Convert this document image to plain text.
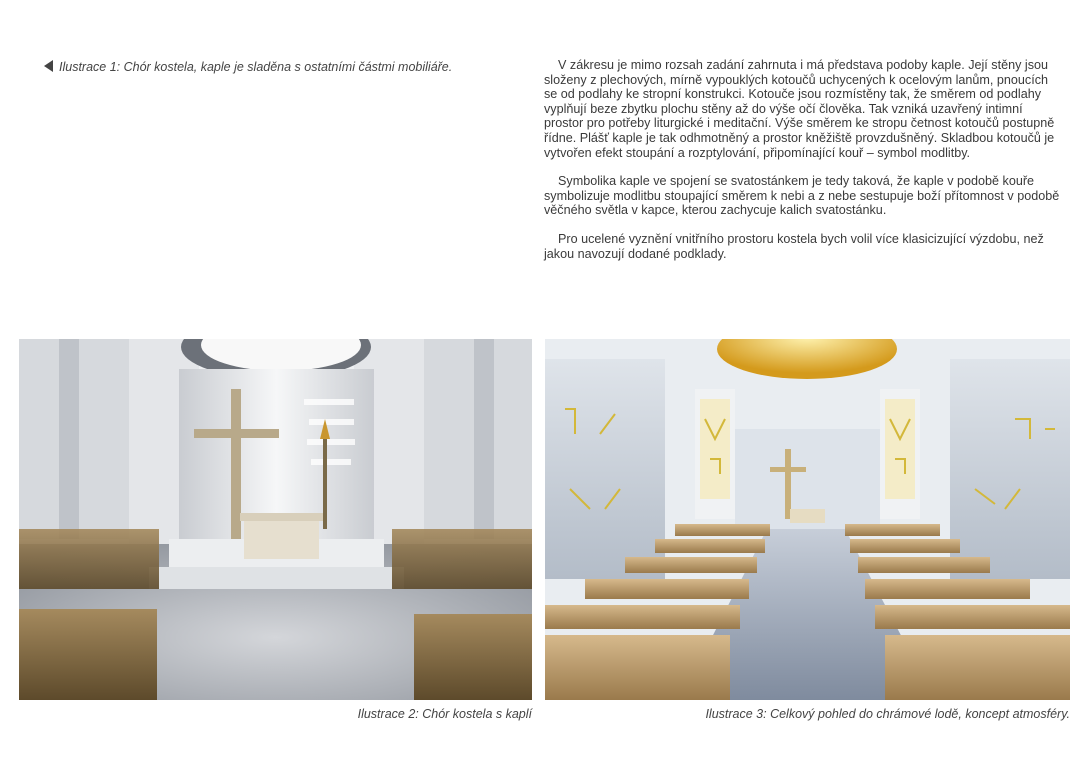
Ilustrace 1: Chór kostela, kaple je sladěna s ostatními částmi mobiliáře.	V zákresu je mimo rozsah zadání zahrnuta i má představa podoby kaple. Její stěny jsou složeny z plechových, mírně vypouklých kotoučů uchycených k ocelovým lanům, pnoucích se od podlahy ke stropní konstrukci. Kotouče jsou rozmístěny tak, že směrem od podlahy vyplňují beze zbytku plochu stěny až do výše očí člověka. Tak vzniká uzavřený intimní prostor pro potřeby liturgické i meditační. Výše směrem ke stropu četnost kotoučů postupně řídne. Plášť kaple je tak odhmotněný a prostor kněžiště provzdušněný. Skladbou kotoučů je vytvořen efekt stoupání a rozptylování, připomínající kouř – symbol modlitby.

Symbolika kaple ve spojení se svatostánkem je tedy taková, že kaple v podobě kouře symbolizuje modlitbu stoupající směrem k nebi a z nebe sestupuje boží přítomnost v podobě věčného světla v kapce, kterou zachycuje kalich svatostánku.

Pro ucelené vyznění vnitřního prostoru kostela bych volil více klasicizující výzdobu, než jakou navozují dodané podklady.

Ilustrace 2: Chór kostela s kaplí	Ilustrace 3: Celkový pohled do chrámové lodě, koncept atmosféry.
